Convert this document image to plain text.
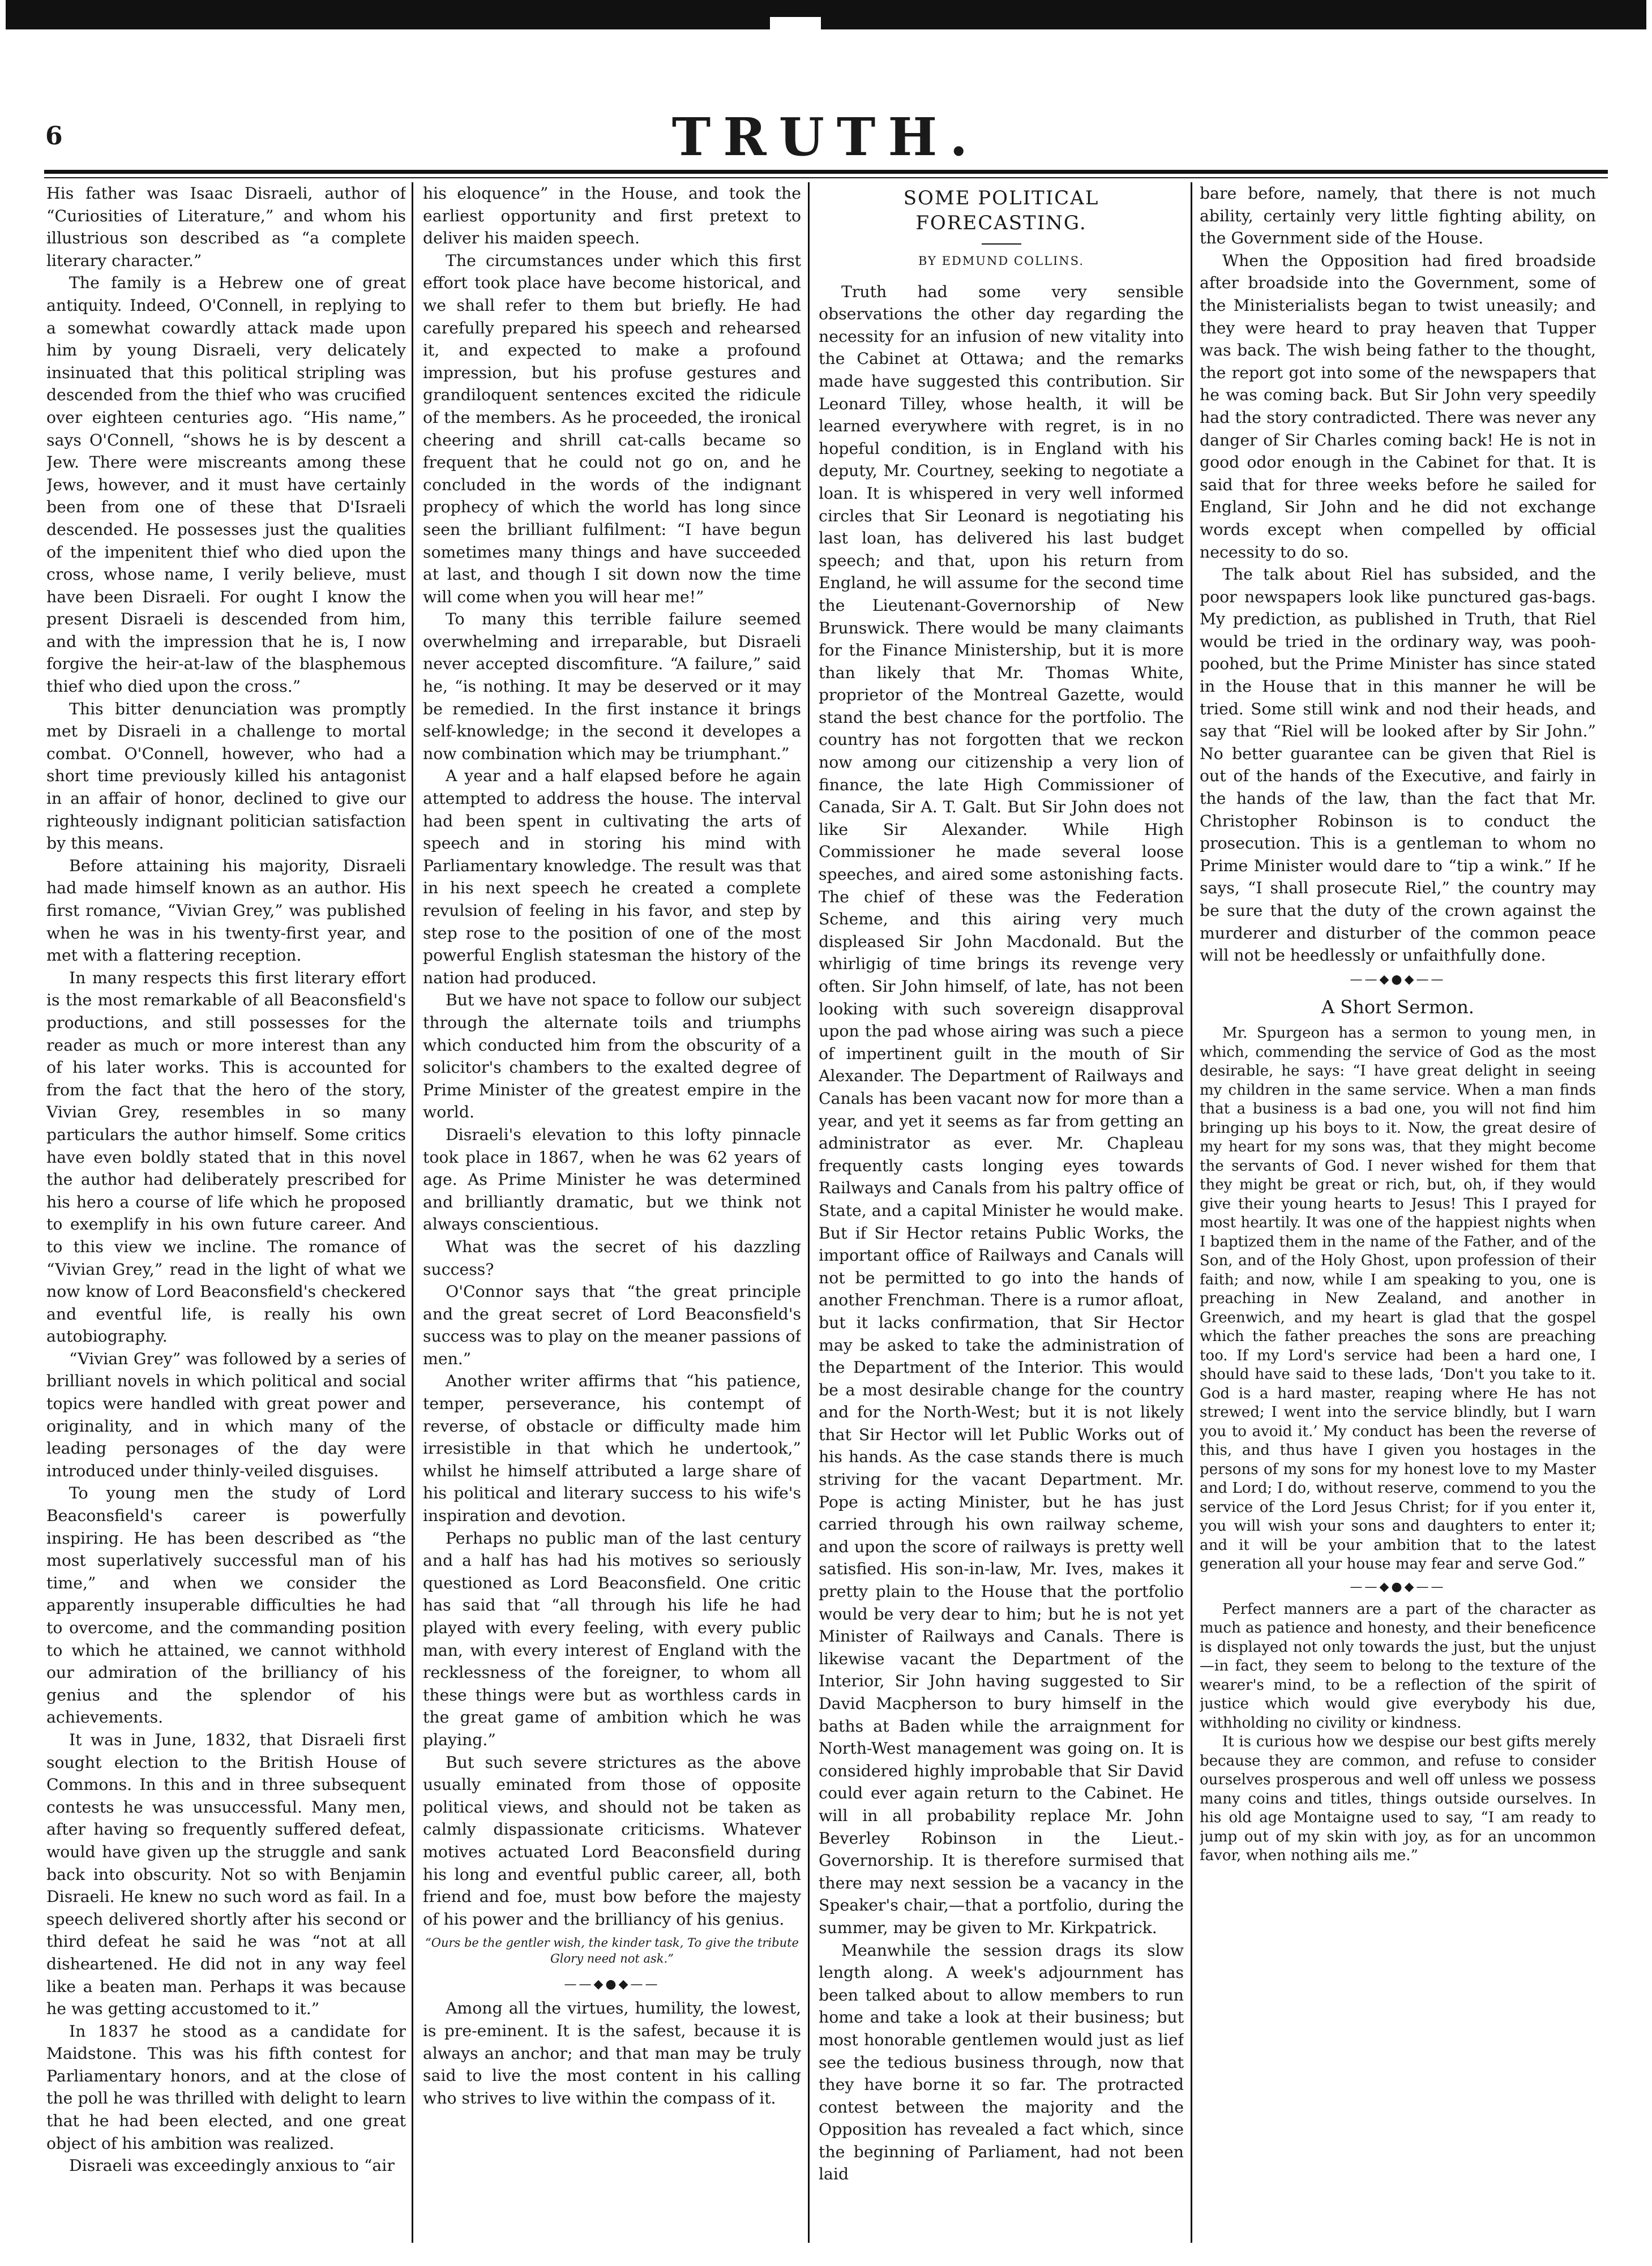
6	TRUTH.

His father was Isaac Disraeli, author of “Curiosities of Literature,” and whom his illustrious son described as “a complete literary character.”

The family is a Hebrew one of great antiquity. Indeed, O'Connell, in replying to a somewhat cowardly attack made upon him by young Disraeli, very delicately insinuated that this political stripling was descended from the thief who was crucified over eighteen centuries ago. “His name,” says O'Connell, “shows he is by descent a Jew. There were miscreants among these Jews, however, and it must have certainly been from one of these that D'Israeli descended. He possesses just the qualities of the impenitent thief who died upon the cross, whose name, I verily believe, must have been Disraeli. For ought I know the present Disraeli is descended from him, and with the impression that he is, I now forgive the heir-at-law of the blasphemous thief who died upon the cross.”

This bitter denunciation was promptly met by Disraeli in a challenge to mortal combat. O'Connell, however, who had a short time previously killed his antagonist in an affair of honor, declined to give our righteously indignant politician satisfaction by this means.

Before attaining his majority, Disraeli had made himself known as an author. His first romance, “Vivian Grey,” was published when he was in his twenty-first year, and met with a flattering reception.

In many respects this first literary effort is the most remarkable of all Beaconsfield's productions, and still possesses for the reader as much or more interest than any of his later works. This is accounted for from the fact that the hero of the story, Vivian Grey, resembles in so many particulars the author himself. Some critics have even boldly stated that in this novel the author had deliberately prescribed for his hero a course of life which he proposed to exemplify in his own future career. And to this view we incline. The romance of “Vivian Grey,” read in the light of what we now know of Lord Beaconsfield's checkered and eventful life, is really his own autobiography.

“Vivian Grey” was followed by a series of brilliant novels in which political and social topics were handled with great power and originality, and in which many of the leading personages of the day were introduced under thinly-veiled disguises.

To young men the study of Lord Beaconsfield's career is powerfully inspiring. He has been described as “the most superlatively successful man of his time,” and when we consider the apparently insuperable difficulties he had to overcome, and the commanding position to which he attained, we cannot withhold our admiration of the brilliancy of his genius and the splendor of his achievements.

It was in June, 1832, that Disraeli first sought election to the British House of Commons. In this and in three subsequent contests he was unsuccessful. Many men, after having so frequently suffered defeat, would have given up the struggle and sank back into obscurity. Not so with Benjamin Disraeli. He knew no such word as fail. In a speech delivered shortly after his second or third defeat he said he was “not at all disheartened. He did not in any way feel like a beaten man. Perhaps it was because he was getting accustomed to it.”

In 1837 he stood as a candidate for Maidstone. This was his fifth contest for Parliamentary honors, and at the close of the poll he was thrilled with delight to learn that he had been elected, and one great object of his ambition was realized.

Disraeli was exceedingly anxious to “air

his eloquence” in the House, and took the earliest opportunity and first pretext to deliver his maiden speech.

The circumstances under which this first effort took place have become historical, and we shall refer to them but briefly. He had carefully prepared his speech and rehearsed it, and expected to make a profound impression, but his profuse gestures and grandiloquent sentences excited the ridicule of the members. As he proceeded, the ironical cheering and shrill cat-calls became so frequent that he could not go on, and he concluded in the words of the indignant prophecy of which the world has long since seen the brilliant fulfilment: “I have begun sometimes many things and have succeeded at last, and though I sit down now the time will come when you will hear me!”

To many this terrible failure seemed overwhelming and irreparable, but Disraeli never accepted discomfiture. “A failure,” said he, “is nothing. It may be deserved or it may be remedied. In the first instance it brings self-knowledge; in the second it developes a now combination which may be triumphant.”

A year and a half elapsed before he again attempted to address the house. The interval had been spent in cultivating the arts of speech and in storing his mind with Parliamentary knowledge. The result was that in his next speech he created a complete revulsion of feeling in his favor, and step by step rose to the position of one of the most powerful English statesman the history of the nation had produced.

But we have not space to follow our subject through the alternate toils and triumphs which conducted him from the obscurity of a solicitor's chambers to the exalted degree of Prime Minister of the greatest empire in the world.

Disraeli's elevation to this lofty pinnacle took place in 1867, when he was 62 years of age. As Prime Minister he was determined and brilliantly dramatic, but we think not always conscientious.

What was the secret of his dazzling success?

O'Connor says that “the great principle and the great secret of Lord Beaconsfield's success was to play on the meaner passions of men.”

Another writer affirms that “his patience, temper, perseverance, his contempt of reverse, of obstacle or difficulty made him irresistible in that which he undertook,” whilst he himself attributed a large share of his political and literary success to his wife's inspiration and devotion.

Perhaps no public man of the last century and a half has had his motives so seriously questioned as Lord Beaconsfield. One critic has said that “all through his life he had played with every feeling, with every public man, with every interest of England with the recklessness of the foreigner, to whom all these things were but as worthless cards in the great game of ambition which he was playing.”

But such severe strictures as the above usually eminated from those of opposite political views, and should not be taken as calmly dispassionate criticisms. Whatever motives actuated Lord Beaconsfield during his long and eventful public career, all, both friend and foe, must bow before the majesty of his power and the brilliancy of his genius.

“Ours be the gentler wish, the kinder task, To give the tribute Glory need not ask.”
——◆●◆——

Among all the virtues, humility, the lowest, is pre-eminent. It is the safest, because it is always an anchor; and that man may be truly said to live the most content in his calling who strives to live within the compass of it.

SOME POLITICAL FORECASTING.
BY EDMUND COLLINS.

Truth had some very sensible observations the other day regarding the necessity for an infusion of new vitality into the Cabinet at Ottawa; and the remarks made have suggested this contribution. Sir Leonard Tilley, whose health, it will be learned everywhere with regret, is in no hopeful condition, is in England with his deputy, Mr. Courtney, seeking to negotiate a loan. It is whispered in very well informed circles that Sir Leonard is negotiating his last loan, has delivered his last budget speech; and that, upon his return from England, he will assume for the second time the Lieutenant-Governorship of New Brunswick. There would be many claimants for the Finance Ministership, but it is more than likely that Mr. Thomas White, proprietor of the Montreal Gazette, would stand the best chance for the portfolio. The country has not forgotten that we reckon now among our citizenship a very lion of finance, the late High Commissioner of Canada, Sir A. T. Galt. But Sir John does not like Sir Alexander. While High Commissioner he made several loose speeches, and aired some astonishing facts. The chief of these was the Federation Scheme, and this airing very much displeased Sir John Macdonald. But the whirligig of time brings its revenge very often. Sir John himself, of late, has not been looking with such sovereign disapproval upon the pad whose airing was such a piece of impertinent guilt in the mouth of Sir Alexander. The Department of Railways and Canals has been vacant now for more than a year, and yet it seems as far from getting an administrator as ever. Mr. Chapleau frequently casts longing eyes towards Railways and Canals from his paltry office of State, and a capital Minister he would make. But if Sir Hector retains Public Works, the important office of Railways and Canals will not be permitted to go into the hands of another Frenchman. There is a rumor afloat, but it lacks confirmation, that Sir Hector may be asked to take the administration of the Department of the Interior. This would be a most desirable change for the country and for the North-West; but it is not likely that Sir Hector will let Public Works out of his hands. As the case stands there is much striving for the vacant Department. Mr. Pope is acting Minister, but he has just carried through his own railway scheme, and upon the score of railways is pretty well satisfied. His son-in-law, Mr. Ives, makes it pretty plain to the House that the portfolio would be very dear to him; but he is not yet Minister of Railways and Canals. There is likewise vacant the Department of the Interior, Sir John having suggested to Sir David Macpherson to bury himself in the baths at Baden while the arraignment for North-West management was going on. It is considered highly improbable that Sir David could ever again return to the Cabinet. He will in all probability replace Mr. John Beverley Robinson in the Lieut.-Governorship. It is therefore surmised that there may next session be a vacancy in the Speaker's chair,—that a portfolio, during the summer, may be given to Mr. Kirkpatrick.

Meanwhile the session drags its slow length along. A week's adjournment has been talked about to allow members to run home and take a look at their business; but most honorable gentlemen would just as lief see the tedious business through, now that they have borne it so far. The protracted contest between the majority and the Opposition has revealed a fact which, since the beginning of Parliament, had not been laid

bare before, namely, that there is not much ability, certainly very little fighting ability, on the Government side of the House.

When the Opposition had fired broadside after broadside into the Government, some of the Ministerialists began to twist uneasily; and they were heard to pray heaven that Tupper was back. The wish being father to the thought, the report got into some of the newspapers that he was coming back. But Sir John very speedily had the story contradicted. There was never any danger of Sir Charles coming back! He is not in good odor enough in the Cabinet for that. It is said that for three weeks before he sailed for England, Sir John and he did not exchange words except when compelled by official necessity to do so.

The talk about Riel has subsided, and the poor newspapers look like punctured gas-bags. My prediction, as published in Truth, that Riel would be tried in the ordinary way, was pooh-poohed, but the Prime Minister has since stated in the House that in this manner he will be tried. Some still wink and nod their heads, and say that “Riel will be looked after by Sir John.” No better guarantee can be given that Riel is out of the hands of the Executive, and fairly in the hands of the law, than the fact that Mr. Christopher Robinson is to conduct the prosecution. This is a gentleman to whom no Prime Minister would dare to “tip a wink.” If he says, “I shall prosecute Riel,” the country may be sure that the duty of the crown against the murderer and disturber of the common peace will not be heedlessly or unfaithfully done.

——◆●◆——
A Short Sermon.

Mr. Spurgeon has a sermon to young men, in which, commending the service of God as the most desirable, he says: “I have great delight in seeing my children in the same service. When a man finds that a business is a bad one, you will not find him bringing up his boys to it. Now, the great desire of my heart for my sons was, that they might become the servants of God. I never wished for them that they might be great or rich, but, oh, if they would give their young hearts to Jesus! This I prayed for most heartily. It was one of the happiest nights when I baptized them in the name of the Father, and of the Son, and of the Holy Ghost, upon profession of their faith; and now, while I am speaking to you, one is preaching in New Zealand, and another in Greenwich, and my heart is glad that the gospel which the father preaches the sons are preaching too. If my Lord's service had been a hard one, I should have said to these lads, ‘Don't you take to it. God is a hard master, reaping where He has not strewed; I went into the service blindly, but I warn you to avoid it.’ My conduct has been the reverse of this, and thus have I given you hostages in the persons of my sons for my honest love to my Master and Lord; I do, without reserve, commend to you the service of the Lord Jesus Christ; for if you enter it, you will wish your sons and daughters to enter it; and it will be your ambition that to the latest generation all your house may fear and serve God.”

——◆●◆——

Perfect manners are a part of the character as much as patience and honesty, and their beneficence is displayed not only towards the just, but the unjust—in fact, they seem to belong to the texture of the wearer's mind, to be a reflection of the spirit of justice which would give everybody his due, withholding no civility or kindness.

It is curious how we despise our best gifts merely because they are common, and refuse to consider ourselves prosperous and well off unless we possess many coins and titles, things outside ourselves. In his old age Montaigne used to say, “I am ready to jump out of my skin with joy, as for an uncommon favor, when nothing ails me.”
